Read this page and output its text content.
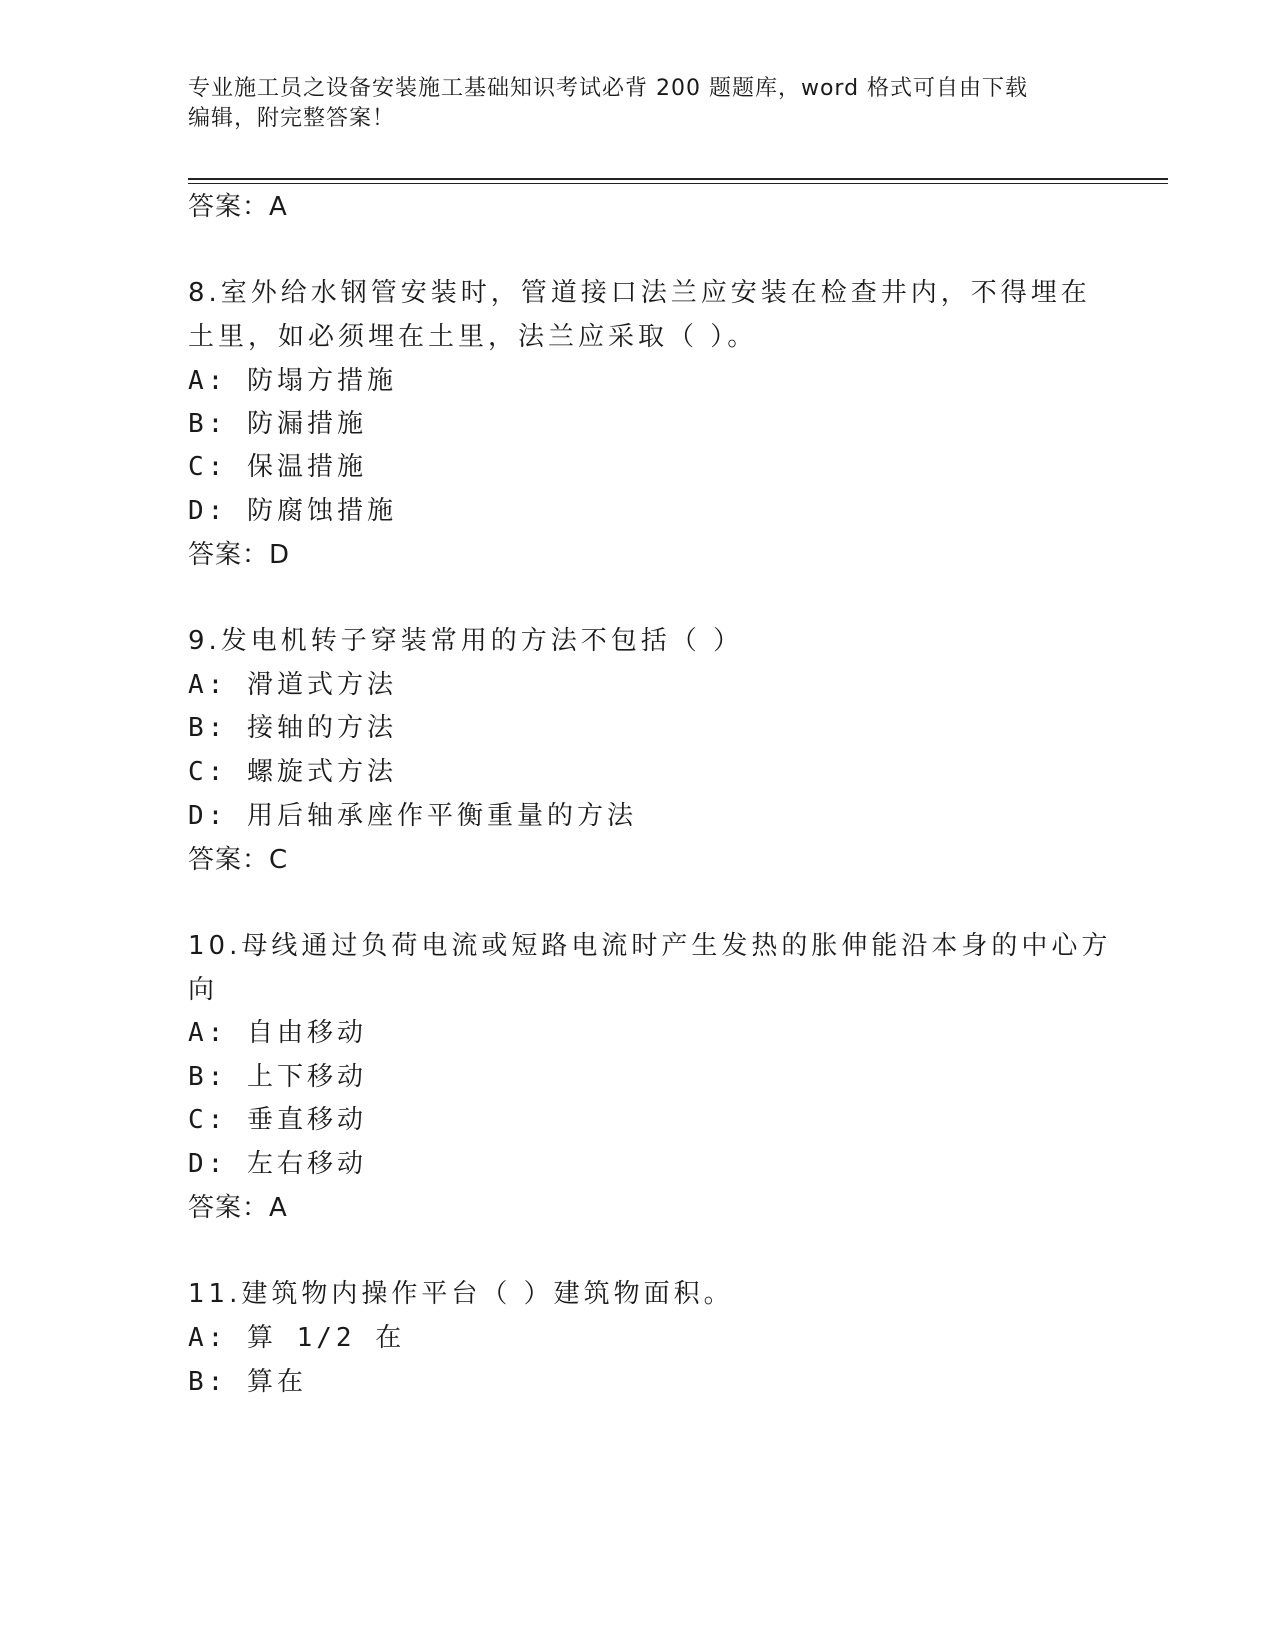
专业施工员之设备安装施工基础知识考试必背 200 题题库，word 格式可自由下载
编辑，附完整答案！
答案：A
8.室外给水钢管安装时，管道接口法兰应安装在检查井内，不得埋在
土里，如必须埋在土里，法兰应采取（ ）。
A: 防塌方措施
B: 防漏措施
C: 保温措施
D: 防腐蚀措施
答案：D
9.发电机转子穿装常用的方法不包括（ ）
A: 滑道式方法
B: 接轴的方法
C: 螺旋式方法
D: 用后轴承座作平衡重量的方法
答案：C
10.母线通过负荷电流或短路电流时产生发热的胀伸能沿本身的中心方
向
A: 自由移动
B: 上下移动
C: 垂直移动
D: 左右移动
答案：A
11.建筑物内操作平台（ ）建筑物面积。
A: 算 1/2 在
B: 算在
